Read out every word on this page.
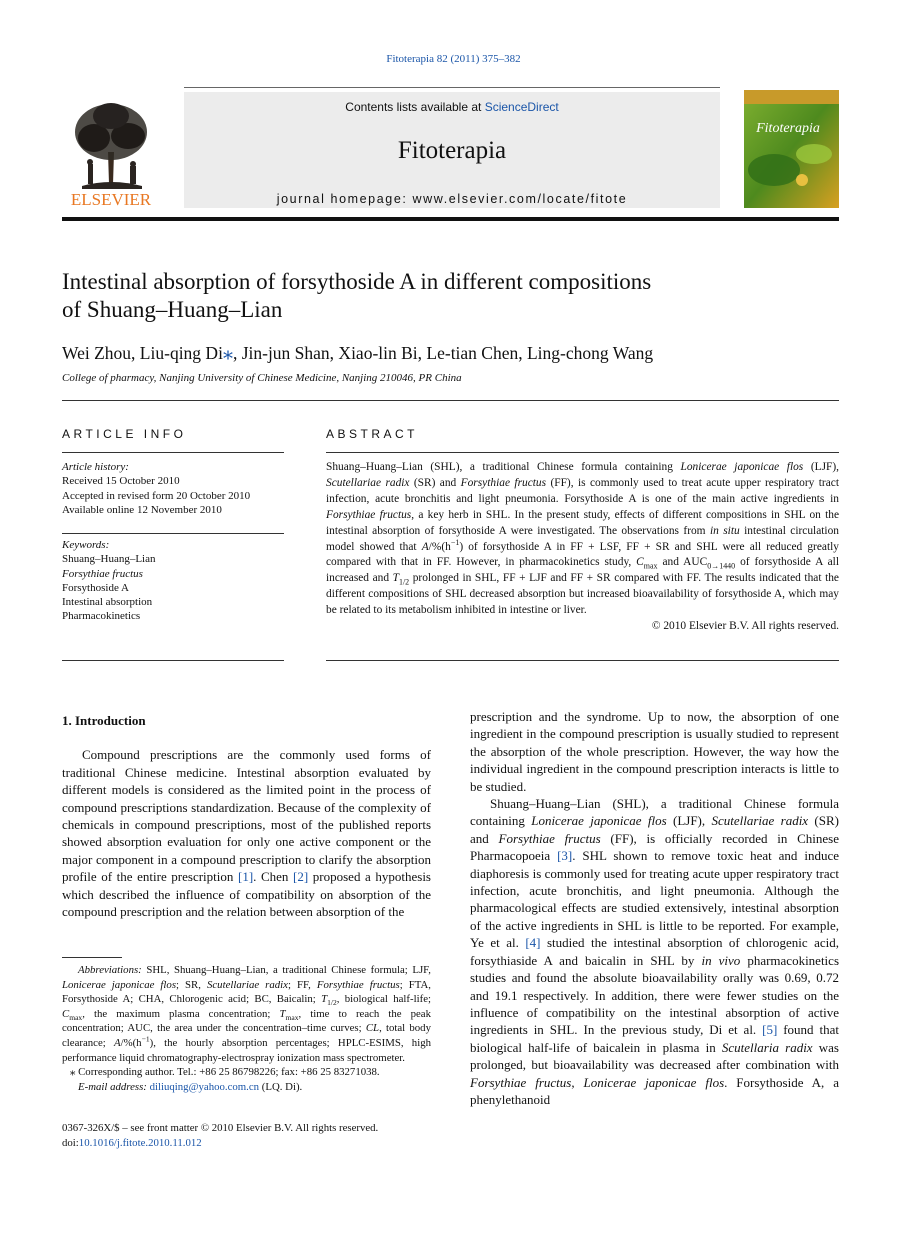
Fitoterapia 82 (2011) 375–382
ELSEVIER
Contents lists available at ScienceDirect
Fitoterapia
journal homepage: www.elsevier.com/locate/fitote
Fitoterapia
Intestinal absorption of forsythoside A in different compositions
of Shuang–Huang–Lian
Wei Zhou, Liu-qing Di⁎, Jin-jun Shan, Xiao-lin Bi, Le-tian Chen, Ling-chong Wang
College of pharmacy, Nanjing University of Chinese Medicine, Nanjing 210046, PR China
ARTICLE INFO
Article history:
Received 15 October 2010
Accepted in revised form 20 October 2010
Available online 12 November 2010
Keywords:
Shuang–Huang–Lian
Forsythiae fructus
Forsythoside A
Intestinal absorption
Pharmacokinetics
ABSTRACT
Shuang–Huang–Lian (SHL), a traditional Chinese formula containing Lonicerae japonicae flos (LJF), Scutellariae radix (SR) and Forsythiae fructus (FF), is commonly used to treat acute upper respiratory tract infection, acute bronchitis and light pneumonia. Forsythoside A is one of the main active ingredients in Forsythiae fructus, a key herb in SHL. In the present study, effects of different compositions in SHL on the intestinal absorption of forsythoside A were investigated. The observations from in situ intestinal circulation model showed that $A/\%(h^{-1})$ of forsythoside A in FF + LSF, FF + SR and SHL were all reduced greatly compared with that in FF. However, in pharmacokinetics study, $C_{max}$ and $AUC_{0\to 1440}$ of forsythoside A all increased and $T_{1/2}$ prolonged in SHL, FF + LJF and FF + SR compared with FF. The results indicated that the different compositions of SHL decreased absorption but increased bioavailability of forsythoside A, which may be related to its metabolism inhibited in intestine or liver.
© 2010 Elsevier B.V. All rights reserved.
1. Introduction

Compound prescriptions are the commonly used forms of traditional Chinese medicine. Intestinal absorption evaluated by different models is considered as the limited point in the process of compound prescriptions standardization. Because of the complexity of chemicals in compound prescriptions, most of the published reports showed absorption evaluation for only one active component or the major component in a compound prescription to clarify the absorption profile of the entire prescription [1]. Chen [2] proposed a hypothesis which described the influence of compatibility on absorption of the compound prescription and the relation between absorption of the

Abbreviations: SHL, Shuang–Huang–Lian, a traditional Chinese formula; LJF, Lonicerae japonicae flos; SR, Scutellariae radix; FF, Forsythiae fructus; FTA, Forsythoside A; CHA, Chlorogenic acid; BC, Baicalin; $T_{1/2}$, biological half-life; $C_{max}$, the maximum plasma concentration; $T_{max}$, time to reach the peak concentration; AUC, the area under the concentration–time curves; CL, total body clearance; $A/\%(h^{-1})$, the hourly absorption percentages; HPLC-ESIMS, high performance liquid chromatography-electrospray ionization mass spectrometer.

⁎ Corresponding author. Tel.: +86 25 86798226; fax: +86 25 83271038.

E-mail address: diliuqing@yahoo.com.cn (LQ. Di).

0367-326X/$ – see front matter © 2010 Elsevier B.V. All rights reserved.
doi:10.1016/j.fitote.2010.11.012

prescription and the syndrome. Up to now, the absorption of one ingredient in the compound prescription is usually studied to represent the absorption of the whole prescription. However, the way how the individual ingredient in the compound prescription interacts is little to be studied.

Shuang–Huang–Lian (SHL), a traditional Chinese formula containing Lonicerae japonicae flos (LJF), Scutellariae radix (SR) and Forsythiae fructus (FF), is officially recorded in Chinese Pharmacopoeia [3]. SHL shown to remove toxic heat and induce diaphoresis is commonly used for treating acute upper respiratory tract infection, acute bronchitis, and light pneumonia. Although the pharmacological effects are studied extensively, intestinal absorption of the active ingredients in SHL is little to be reported. For example, Ye et al. [4] studied the intestinal absorption of chlorogenic acid, forsythiaside A and baicalin in SHL by in vivo pharmacokinetics studies and found the absolute bioavailability orally was 0.69, 0.72 and 19.1 respectively. In addition, there were fewer studies on the influence of compatibility on the intestinal absorption of active ingredients in SHL. In the previous study, Di et al. [5] found that biological half-life of baicalein in plasma in Scutellaria radix was prolonged, but bioavailability was decreased after combination with Forsythiae fructus, Lonicerae japonicae flos. Forsythoside A, a phenylethanoid
